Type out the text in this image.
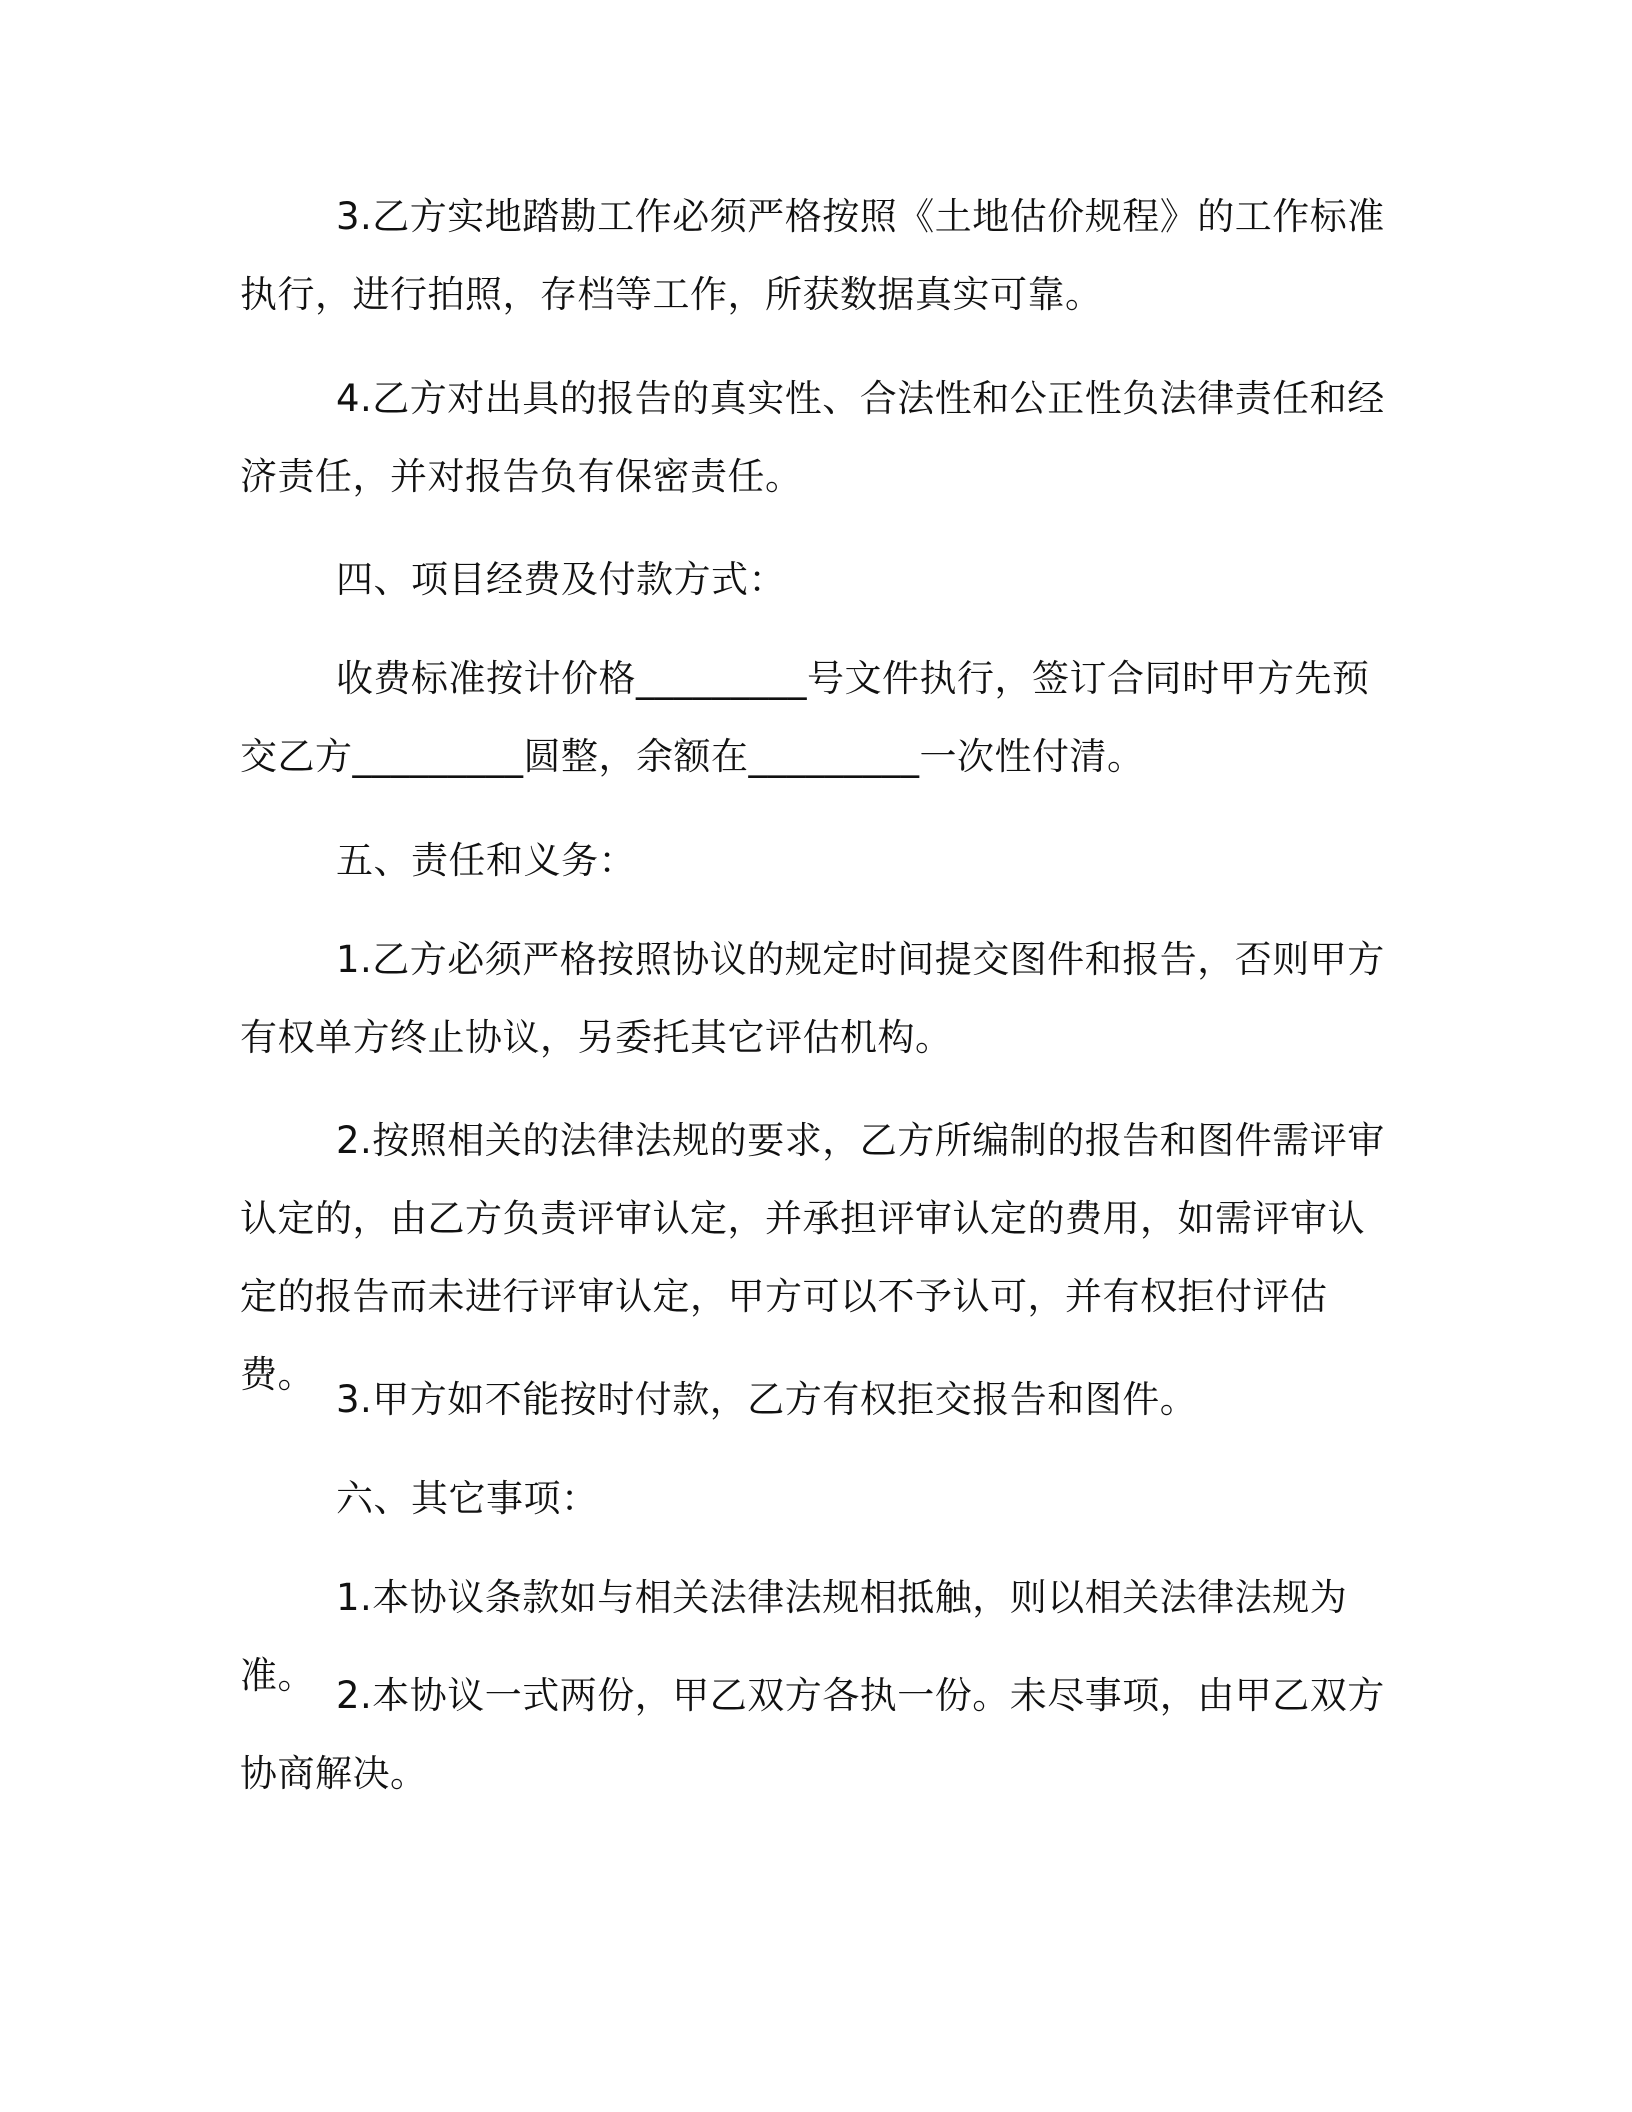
3.乙方实地踏勘工作必须严格按照《土地估价规程》的工作标准执行，进行拍照，存档等工作，所获数据真实可靠。

4.乙方对出具的报告的真实性、合法性和公正性负法律责任和经济责任，并对报告负有保密责任。

四、项目经费及付款方式：

收费标准按计价格_________号文件执行，签订合同时甲方先预交乙方_________圆整，余额在_________一次性付清。

五、责任和义务：

1.乙方必须严格按照协议的规定时间提交图件和报告，否则甲方有权单方终止协议，另委托其它评估机构。

2.按照相关的法律法规的要求，乙方所编制的报告和图件需评审认定的，由乙方负责评审认定，并承担评审认定的费用，如需评审认定的报告而未进行评审认定，甲方可以不予认可，并有权拒付评估费。

3.甲方如不能按时付款，乙方有权拒交报告和图件。

六、其它事项：

1.本协议条款如与相关法律法规相抵触，则以相关法律法规为准。 2.本协议一式两份，甲乙双方各执一份。未尽事项，由甲乙双方协商解决。
